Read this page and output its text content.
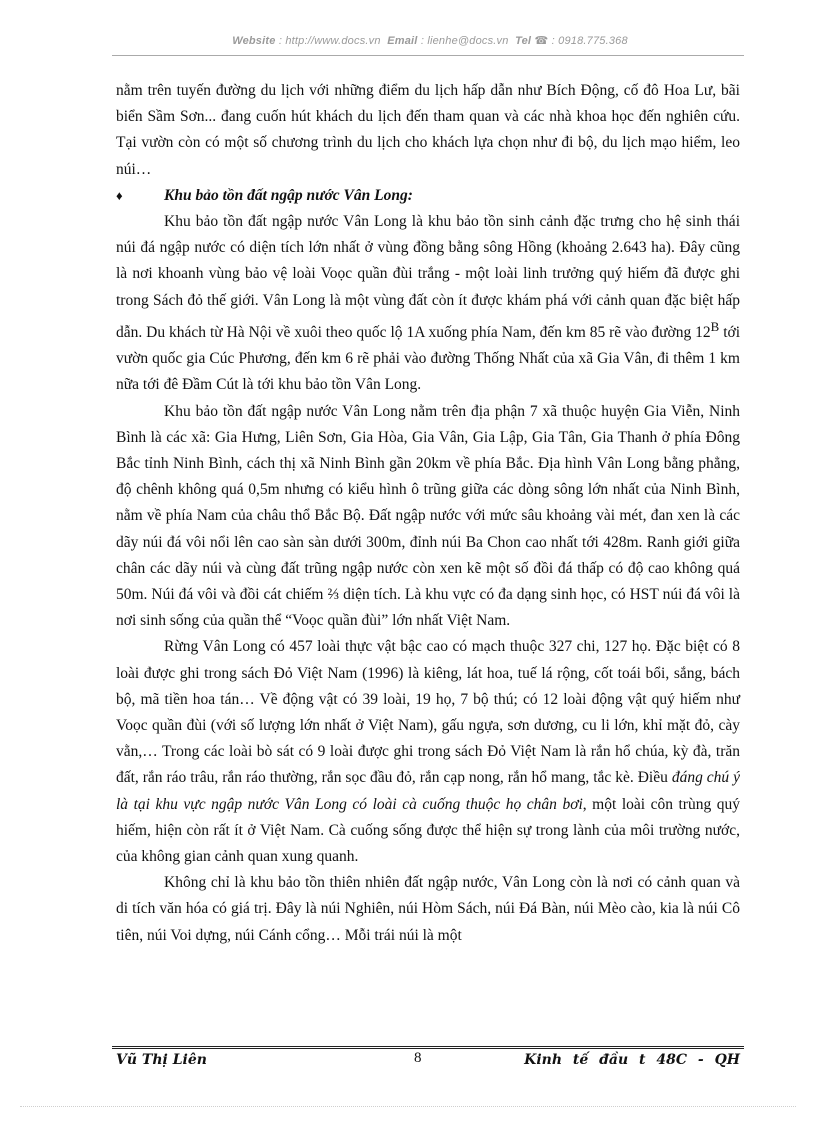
Website : http://www.docs.vn Email : lienhe@docs.vn Tel ☎ : 0918.775.368

nằm trên tuyến đường du lịch với những điểm du lịch hấp dẫn như Bích Động, cố đô Hoa Lư, bãi biển Sầm Sơn... đang cuốn hút khách du lịch đến tham quan và các nhà khoa học đến nghiên cứu. Tại vườn còn có một số chương trình du lịch cho khách lựa chọn như đi bộ, du lịch mạo hiểm, leo núi…

♦	Khu bảo tồn đất ngập nước Vân Long:

Khu bảo tồn đất ngập nước Vân Long là khu bảo tồn sinh cảnh đặc trưng cho hệ sinh thái núi đá ngập nước có diện tích lớn nhất ở vùng đồng bằng sông Hồng (khoảng 2.643 ha). Đây cũng là nơi khoanh vùng bảo vệ loài Voọc quần đùi trắng - một loài linh trưởng quý hiếm đã được ghi trong Sách đỏ thế giới. Vân Long là một vùng đất còn ít được khám phá với cảnh quan đặc biệt hấp dẫn. Du khách từ Hà Nội về xuôi theo quốc lộ 1A xuống phía Nam, đến km 85 rẽ vào đường $12^B$ tới vườn quốc gia Cúc Phương, đến km 6 rẽ phải vào đường Thống Nhất của xã Gia Vân, đi thêm 1 km nữa tới đê Đầm Cút là tới khu bảo tồn Vân Long.

Khu bảo tồn đất ngập nước Vân Long nằm trên địa phận 7 xã thuộc huyện Gia Viễn, Ninh Bình là các xã: Gia Hưng, Liên Sơn, Gia Hòa, Gia Vân, Gia Lập, Gia Tân, Gia Thanh ở phía Đông Bắc tỉnh Ninh Bình, cách thị xã Ninh Bình gần 20km về phía Bắc. Địa hình Vân Long bằng phẳng, độ chênh không quá 0,5m nhưng có kiểu hình ô trũng giữa các dòng sông lớn nhất của Ninh Bình, nằm về phía Nam của châu thổ Bắc Bộ. Đất ngập nước với mức sâu khoảng vài mét, đan xen là các dãy núi đá vôi nổi lên cao sàn sàn dưới 300m, đỉnh núi Ba Chon cao nhất tới 428m. Ranh giới giữa chân các dãy núi và cùng đất trũng ngập nước còn xen kẽ một số đồi đá thấp có độ cao không quá 50m. Núi đá vôi và đồi cát chiếm ⅔ diện tích. Là khu vực có đa dạng sinh học, có HST núi đá vôi là nơi sinh sống của quần thể “Voọc quần đùi” lớn nhất Việt Nam.

Rừng Vân Long có 457 loài thực vật bậc cao có mạch thuộc 327 chi, 127 họ. Đặc biệt có 8 loài được ghi trong sách Đỏ Việt Nam (1996) là kiêng, lát hoa, tuế lá rộng, cốt toái bổi, sắng, bách bộ, mã tiền hoa tán… Về động vật có 39 loài, 19 họ, 7 bộ thú; có 12 loài động vật quý hiếm như Voọc quần đùi (với số lượng lớn nhất ở Việt Nam), gấu ngựa, sơn dương, cu li lớn, khỉ mặt đỏ, cày vằn,… Trong các loài bò sát có 9 loài được ghi trong sách Đỏ Việt Nam là rắn hổ chúa, kỳ đà, trăn đất, rắn ráo trâu, rắn ráo thường, rắn sọc đầu đỏ, rắn cạp nong, rắn hổ mang, tắc kè. Điều đáng chú ý là tại khu vực ngập nước Vân Long có loài cà cuống thuộc họ chân bơi, một loài côn trùng quý hiếm, hiện còn rất ít ở Việt Nam. Cà cuống sống được thể hiện sự trong lành của môi trường nước, của không gian cảnh quan xung quanh.

Không chỉ là khu bảo tồn thiên nhiên đất ngập nước, Vân Long còn là nơi có cảnh quan và di tích văn hóa có giá trị. Đây là núi Nghiên, núi Hòm Sách, núi Đá Bàn, núi Mèo cào, kia là núi Cô tiên, núi Voi dựng, núi Cánh cổng… Mỗi trái núi là một

Vũ Thị Liên	8	Kinh tế đầu t 48C - QH
